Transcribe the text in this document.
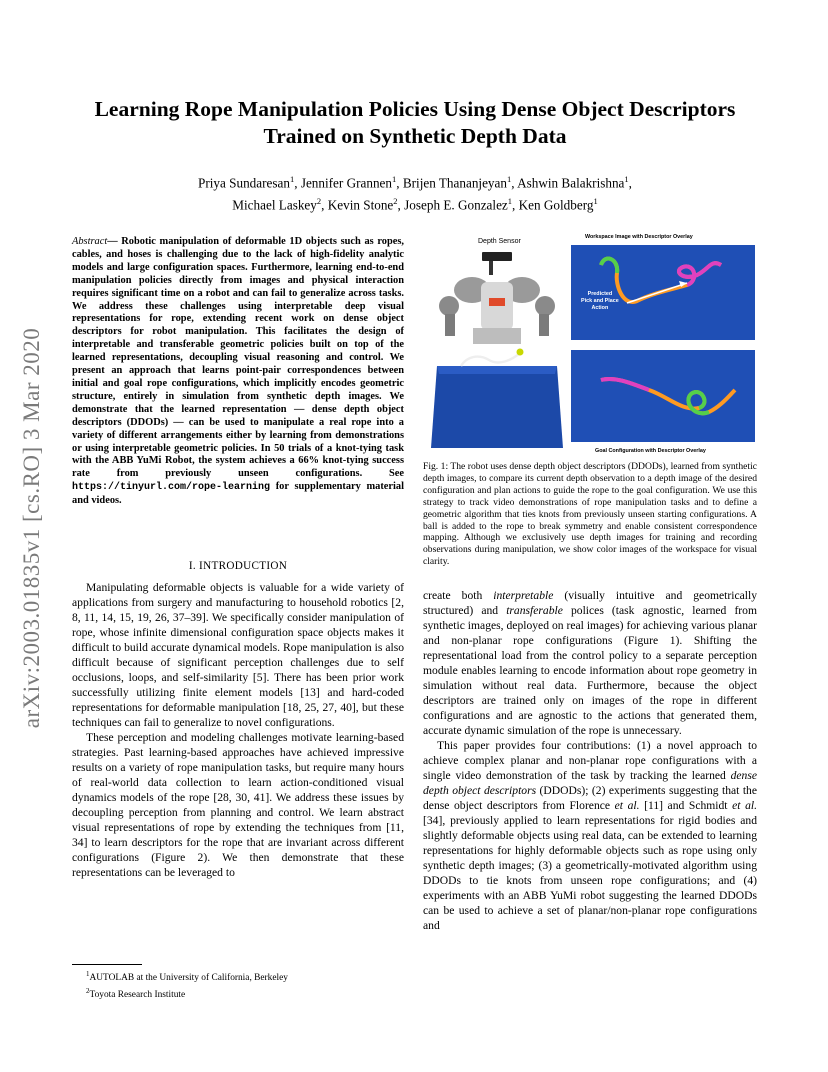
arXiv:2003.01835v1 [cs.RO] 3 Mar 2020
Learning Rope Manipulation Policies Using Dense Object Descriptors
Trained on Synthetic Depth Data
Priya Sundaresan$^1$, Jennifer Grannen$^1$, Brijen Thananjeyan$^1$, Ashwin Balakrishna$^1$,
Michael Laskey$^2$, Kevin Stone$^2$, Joseph E. Gonzalez$^1$, Ken Goldberg$^1$
Abstract— Robotic manipulation of deformable 1D objects such as ropes, cables, and hoses is challenging due to the lack of high-fidelity analytic models and large configuration spaces. Furthermore, learning end-to-end manipulation policies directly from images and physical interaction requires significant time on a robot and can fail to generalize across tasks. We address these challenges using interpretable deep visual representations for rope, extending recent work on dense object descriptors for robot manipulation. This facilitates the design of interpretable and transferable geometric policies built on top of the learned representations, decoupling visual reasoning and control. We present an approach that learns point-pair correspondences between initial and goal rope configurations, which implicitly encodes geometric structure, entirely in simulation from synthetic depth images. We demonstrate that the learned representation — dense depth object descriptors (DDODs) — can be used to manipulate a real rope into a variety of different arrangements either by learning from demonstrations or using interpretable geometric policies. In 50 trials of a knot-tying task with the ABB YuMi Robot, the system achieves a 66% knot-tying success rate from previously unseen configurations. See https://tinyurl.com/rope-learning for supplementary material and videos.
I. INTRODUCTION

Manipulating deformable objects is valuable for a wide variety of applications from surgery and manufacturing to household robotics [2, 8, 11, 14, 15, 19, 26, 37–39]. We specifically consider manipulation of rope, whose infinite dimensional configuration space objects makes it difficult to build accurate dynamical models. Rope manipulation is also difficult because of significant perception challenges due to self occlusions, loops, and self-similarity [5]. There has been prior work successfully utilizing finite element models [13] and hard-coded representations for deformable manipulation [18, 25, 27, 40], but these techniques can fail to generalize to novel configurations.

These perception and modeling challenges motivate learning-based strategies. Past learning-based approaches have achieved impressive results on a variety of rope manipulation tasks, but require many hours of real-world data collection to learn action-conditioned visual dynamics models of the rope [28, 30, 41]. We address these issues by decoupling perception from planning and control. We learn abstract visual representations of rope by extending the techniques from [11, 34] to learn descriptors for the rope that are invariant across different configurations (Figure 2). We then demonstrate that these representations can be leveraged to

$^1$AUTOLAB at the University of California, Berkeley
$^2$Toyota Research Institute
Depth Sensor
Workspace Image with Descriptor Overlay
Predicted
Pick and Place
Action
Goal Configuration with Descriptor Overlay
Fig. 1: The robot uses dense depth object descriptors (DDODs), learned from synthetic depth images, to compare its current depth observation to a depth image of the desired configuration and plan actions to guide the rope to the goal configuration. We use this strategy to track video demonstrations of rope manipulation tasks and to define a geometric algorithm that ties knots from previously unseen starting configurations. A ball is added to the rope to break symmetry and enable consistent correspondence mapping. Although we exclusively use depth images for training and recording observations during manipulation, we show color images of the workspace for visual clarity.

create both interpretable (visually intuitive and geometrically structured) and transferable polices (task agnostic, learned from synthetic images, deployed on real images) for achieving various planar and non-planar rope configurations (Figure 1). Shifting the representational load from the control policy to a separate perception module enables learning to encode information about rope geometry in simulation without real data. Furthermore, because the object descriptors are trained only on images of the rope in different configurations and are agnostic to the actions that generated them, accurate dynamic simulation of the rope is unnecessary.

This paper provides four contributions: (1) a novel approach to achieve complex planar and non-planar rope configurations with a single video demonstration of the task by tracking the learned dense depth object descriptors (DDODs); (2) experiments suggesting that the dense object descriptors from Florence et al. [11] and Schmidt et al. [34], previously applied to learn representations for rigid bodies and slightly deformable objects using real data, can be extended to learning representations for highly deformable objects such as rope using only synthetic depth images; (3) a geometrically-motivated algorithm using DDODs to tie knots from unseen rope configurations; and (4) experiments with an ABB YuMi robot suggesting the learned DDODs can be used to achieve a set of planar/non-planar rope configurations and
